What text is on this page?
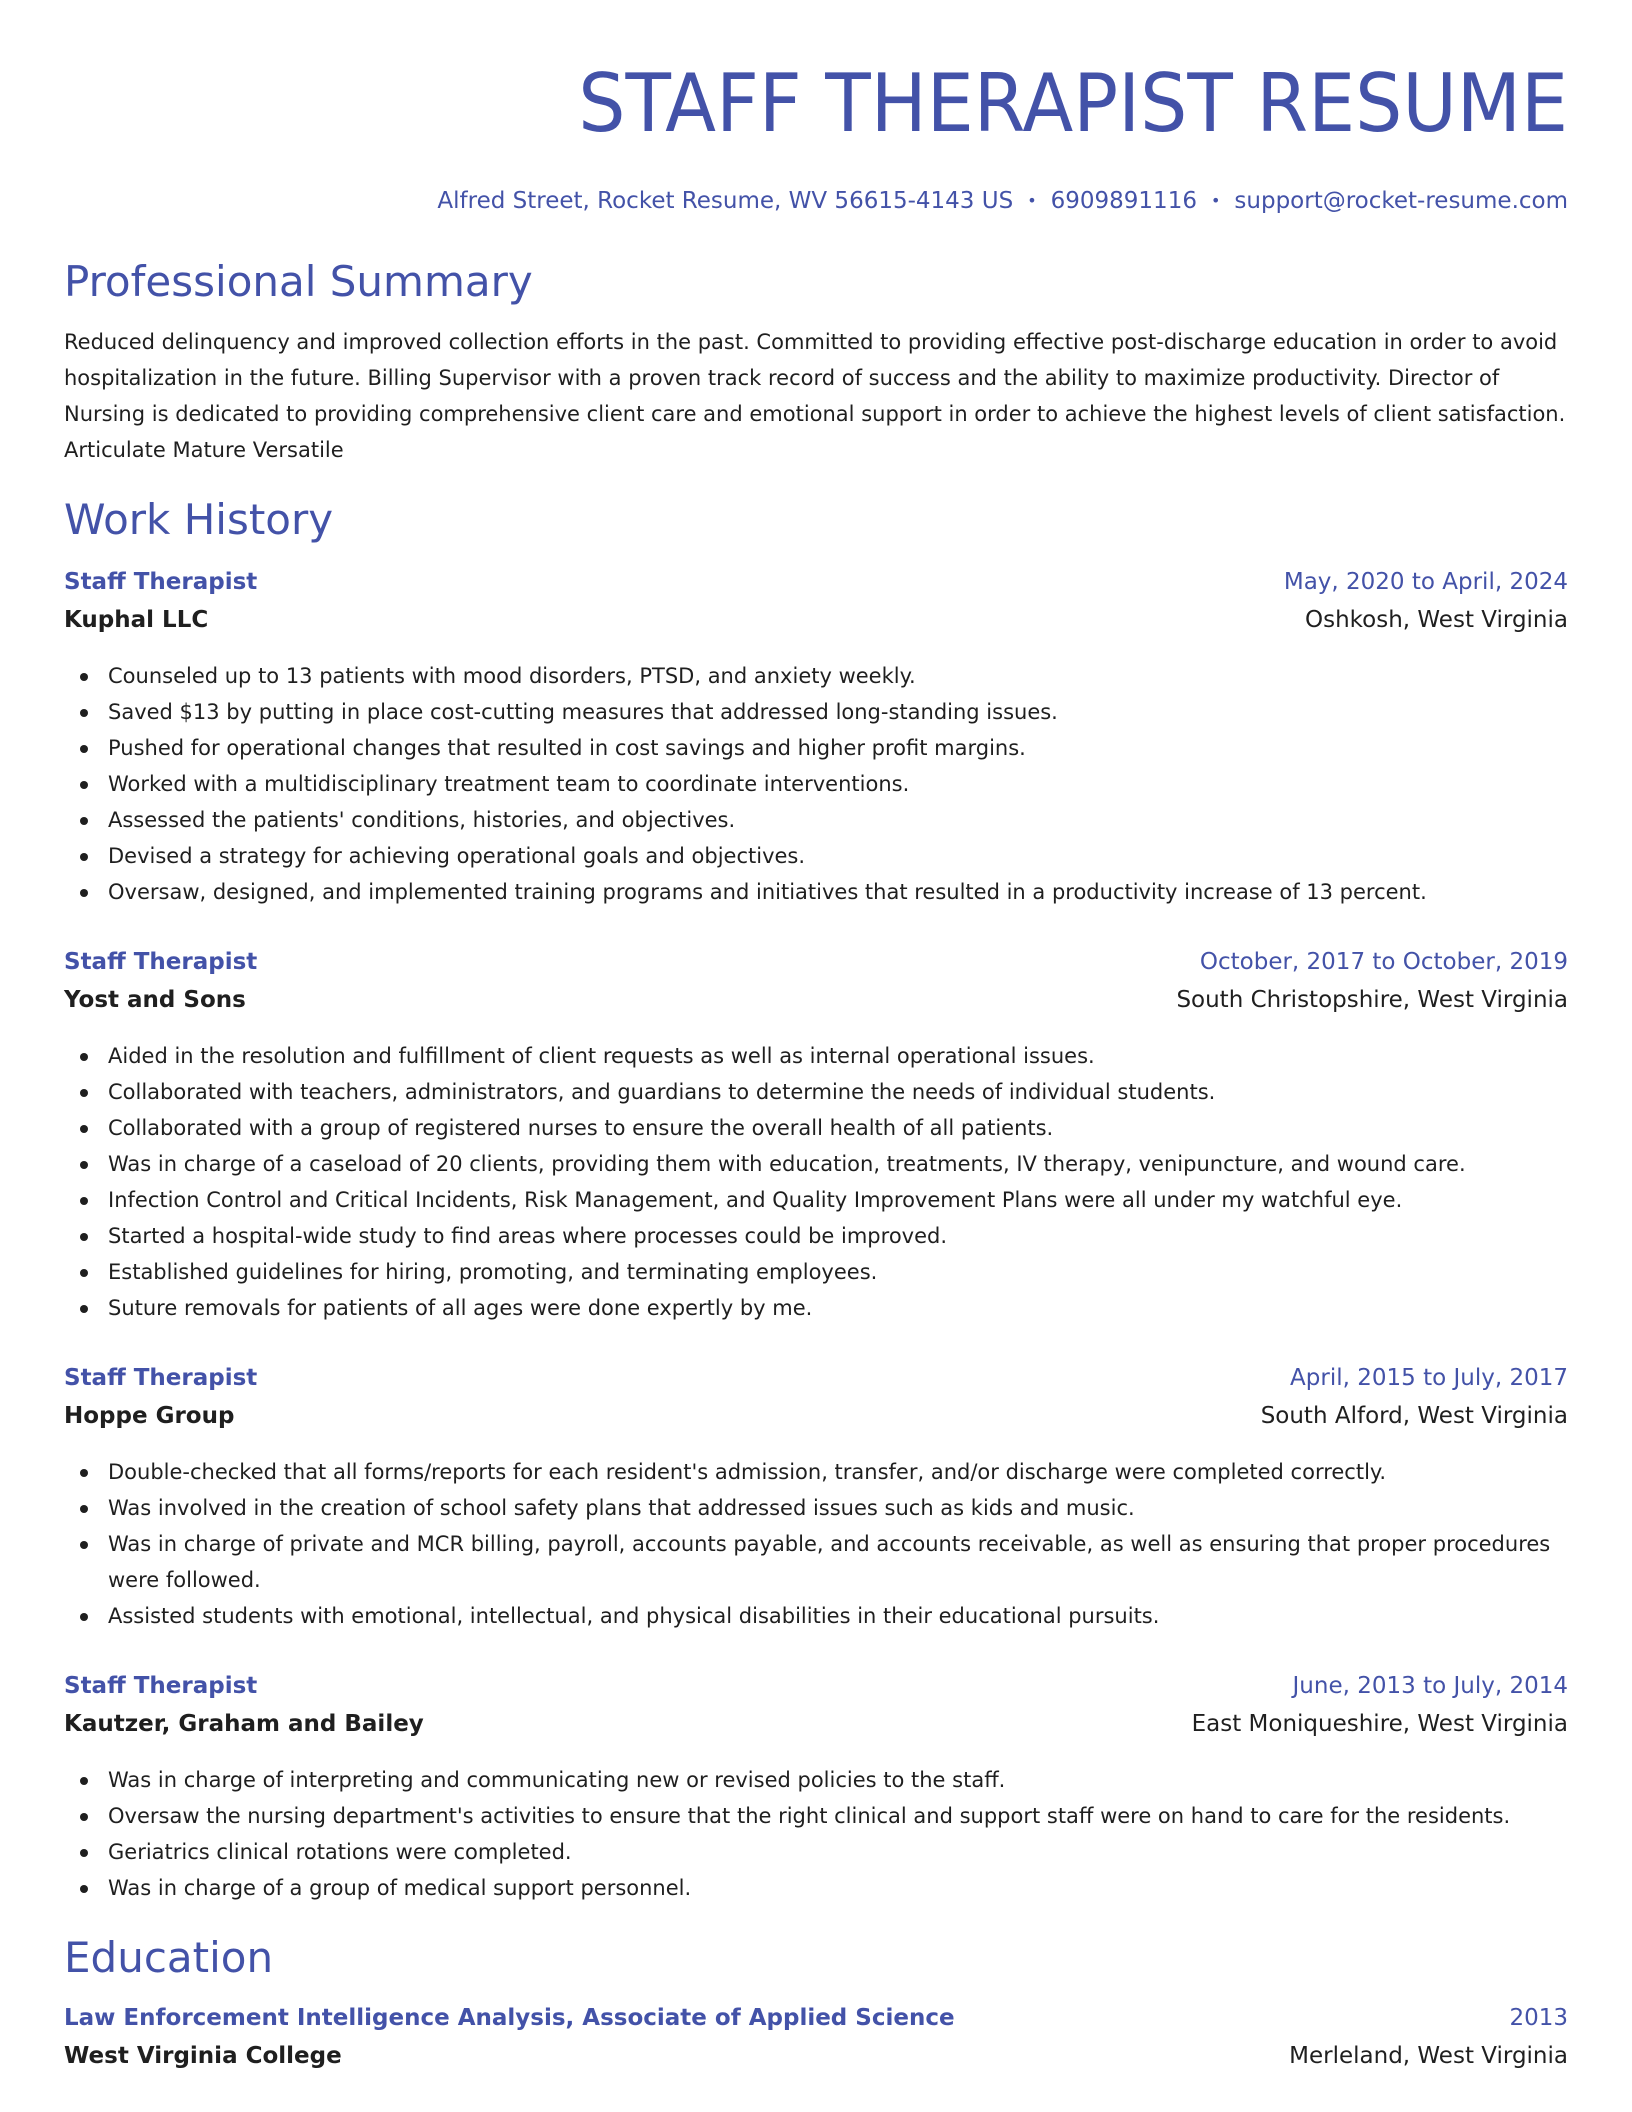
STAFF THERAPIST RESUME
Alfred Street, Rocket Resume, WV 56615-4143 US • 6909891116 • support@rocket-resume.com
Professional Summary

Reduced delinquency and improved collection efforts in the past. Committed to providing effective post-discharge education in order to avoid hospitalization in the future. Billing Supervisor with a proven track record of success and the ability to maximize productivity. Director of Nursing is dedicated to providing comprehensive client care and emotional support in order to achieve the highest levels of client satisfaction. Articulate Mature Versatile

Work History
Staff Therapist	May, 2020 to April, 2024
Kuphal LLC	Oshkosh, West Virginia
Counseled up to 13 patients with mood disorders, PTSD, and anxiety weekly.
Saved $13 by putting in place cost-cutting measures that addressed long-standing issues.
Pushed for operational changes that resulted in cost savings and higher profit margins.
Worked with a multidisciplinary treatment team to coordinate interventions.
Assessed the patients' conditions, histories, and objectives.
Devised a strategy for achieving operational goals and objectives.
Oversaw, designed, and implemented training programs and initiatives that resulted in a productivity increase of 13 percent.
Staff Therapist	October, 2017 to October, 2019
Yost and Sons	South Christopshire, West Virginia
Aided in the resolution and fulfillment of client requests as well as internal operational issues.
Collaborated with teachers, administrators, and guardians to determine the needs of individual students.
Collaborated with a group of registered nurses to ensure the overall health of all patients.
Was in charge of a caseload of 20 clients, providing them with education, treatments, IV therapy, venipuncture, and wound care.
Infection Control and Critical Incidents, Risk Management, and Quality Improvement Plans were all under my watchful eye.
Started a hospital-wide study to find areas where processes could be improved.
Established guidelines for hiring, promoting, and terminating employees.
Suture removals for patients of all ages were done expertly by me.
Staff Therapist	April, 2015 to July, 2017
Hoppe Group	South Alford, West Virginia
Double-checked that all forms/reports for each resident's admission, transfer, and/or discharge were completed correctly.
Was involved in the creation of school safety plans that addressed issues such as kids and music.
Was in charge of private and MCR billing, payroll, accounts payable, and accounts receivable, as well as ensuring that proper procedures were followed.
Assisted students with emotional, intellectual, and physical disabilities in their educational pursuits.
Staff Therapist	June, 2013 to July, 2014
Kautzer, Graham and Bailey	East Moniqueshire, West Virginia
Was in charge of interpreting and communicating new or revised policies to the staff.
Oversaw the nursing department's activities to ensure that the right clinical and support staff were on hand to care for the residents.
Geriatrics clinical rotations were completed.
Was in charge of a group of medical support personnel.
Education
Law Enforcement Intelligence Analysis, Associate of Applied Science	2013
West Virginia College	Merleland, West Virginia
